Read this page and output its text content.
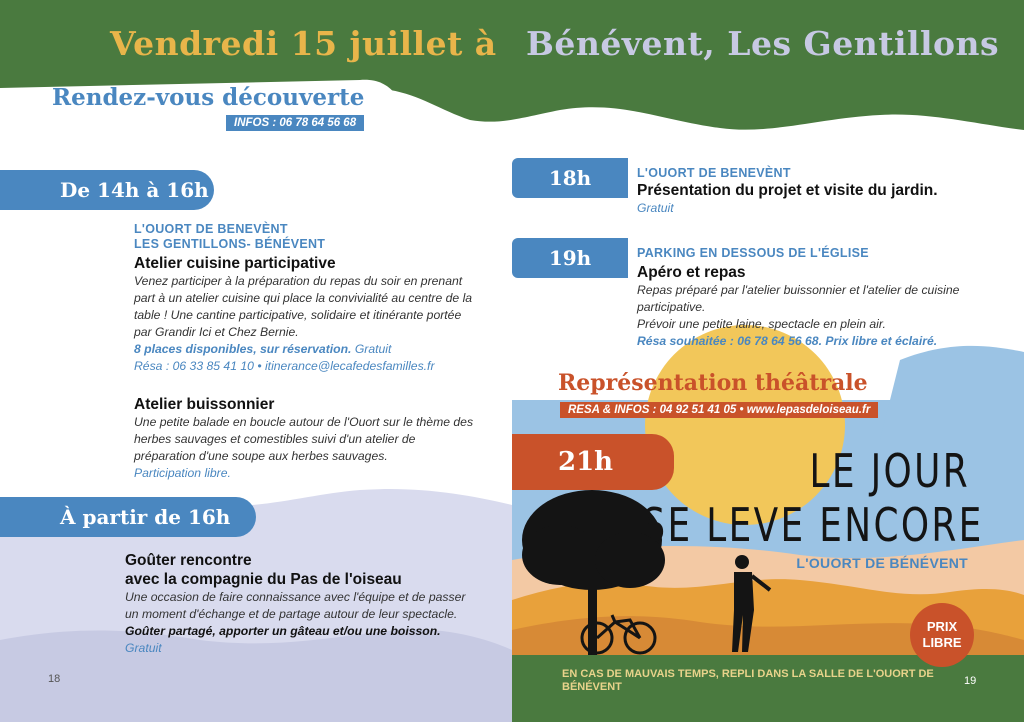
Vendredi 15 juillet à Bénévent, Les Gentillons
Rendez-vous découverte
INFOS : 06 78 64 56 68
De 14h à 16h
L'OUORT DE BENEVÈNT
LES GENTILLONS- BÉNÉVENT
Atelier cuisine participative
Venez participer à la préparation du repas du soir en prenant part à un atelier cuisine qui place la convivialité au centre de la table ! Une cantine participative, solidaire et itinérante portée par Grandir Ici et Chez Bernie.
8 places disponibles, sur réservation. Gratuit
Résa : 06 33 85 41 10 • itinerance@lecafedesfamilles.fr
Atelier buissonnier
Une petite balade en boucle autour de l'Ouort sur le thème des herbes sauvages et comestibles suivi d'un atelier de préparation d'une soupe aux herbes sauvages.
Participation libre.
À partir de 16h
Goûter rencontre
avec la compagnie du Pas de l'oiseau
Une occasion de faire connaissance avec l'équipe et de passer un moment d'échange et de partage autour de leur spectacle.
Goûter partagé, apporter un gâteau et/ou une boisson.
Gratuit
18
18h	L'OUORT DE BENEVÈNT
Présentation du projet et visite du jardin.
Gratuit
19h	PARKING EN DESSOUS DE L'ÉGLISE
Apéro et repas
Repas préparé par l'atelier buissonnier et l'atelier de cuisine participative.
Prévoir une petite laine, spectacle en plein air.
Résa souhaitée : 06 78 64 56 68. Prix libre et éclairé.
Représentation théâtrale
RESA & INFOS : 04 92 51 41 05 • www.lepasdeloiseau.fr
21h	LE JOUR
SE LEVE ENCORE
L'OUORT DE BÉNÉVENT
PRIX
LIBRE
EN CAS DE MAUVAIS TEMPS, REPLI DANS LA SALLE DE L'OUORT DE BÉNÉVENT	19
